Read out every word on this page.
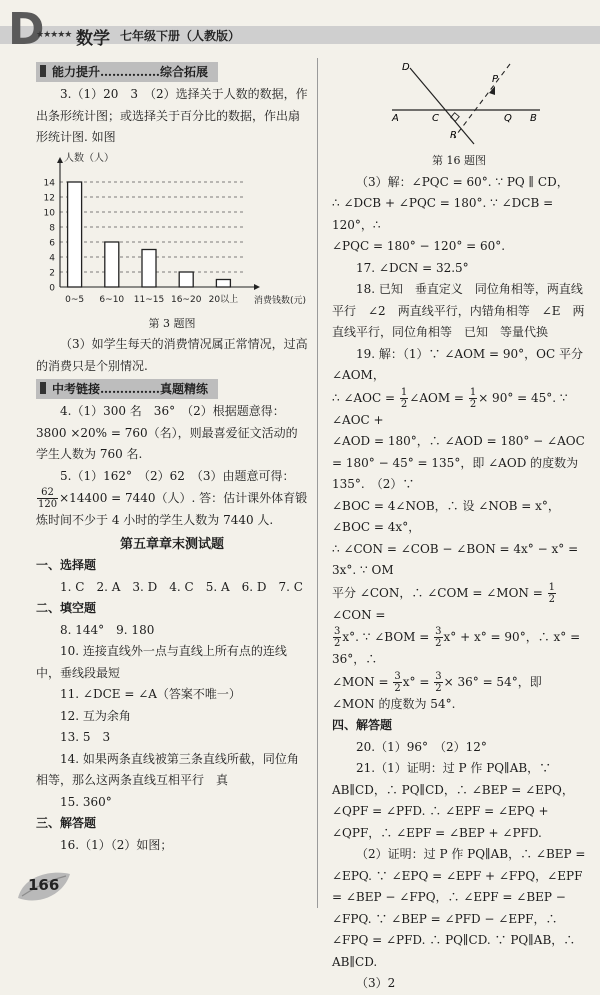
D
★★★★★ 数学 七年级下册（人教版）
能力提升……………综合拓展

3.（1）20　3　（2）选择关于人数的数据，作出条形统计图；或选择关于百分比的数据，作出扇形统计图. 如图

0
2
4
6
8
10
12
14
人数（人）
消费钱数(元)
0~5 6~10 11~15 16~20 20以上

第 3 题图

（3）如学生每天的消费情况属正常情况，过高的消费只是个别情况.

中考链接……………真题精练

4.（1）300 名　36°　（2）根据题意得：3800 ×20% = 760（名），则最喜爱征文活动的学生人数为 760 名.

5.（1）162°　（2）62　（3）由题意可得：

$\frac{62}{120} \times 14400 = 7440$（人）. 答：估计课外体育锻炼时间不少于 4 小时的学生人数为 7440 人.

第五章章末测试题

一、选择题

1. C　2. A　3. D　4. C　5. A　6. D　7. C

二、填空题

8. 144°　9. 180

10. 连接直线外一点与直线上所有点的连线中，垂线段最短

11. ∠DCE = ∠A（答案不唯一）

12. 互为余角

13. 5　3

14. 如果两条直线被第三条直线所截，同位角相等，那么这两条直线互相平行　真

15. 360°

三、解答题

16.（1）（2）如图；

166
D
P
A	C
R
Q B

第 16 题图

（3）解：∠PQC = 60°. ∵ PQ ∥ CD，

∴ ∠DCB + ∠PQC = 180°. ∵ ∠DCB = 120°，∴

∠PQC = 180° − 120° = 60°.

17. ∠DCN = 32.5°

18. 已知　垂直定义　同位角相等，两直线平行　∠2　两直线平行，内错角相等　∠E　两直线平行，同位角相等　已知　等量代换

19. 解：（1）∵ ∠AOM = 90°，OC 平分 ∠AOM，

∴ ∠AOC = $\frac{1}{2}$ ∠AOM = $\frac{1}{2} \times 90^\circ = 45^\circ$. ∵ ∠AOC +

∠AOD = 180°，∴ ∠AOD = 180° − ∠AOC = 180° − 45° = 135°，即 ∠AOD 的度数为 135°.　（2）∵

∠BOC = 4∠NOB，∴ 设 ∠NOB = x°，∠BOC = 4x°，

∴ ∠CON = ∠COB − ∠BON = 4x° − x° = 3x°. ∵ OM

平分 ∠CON，∴ ∠COM = ∠MON = $\frac{1}{2}$
∠CON =

$\frac{3}{2} x^\circ$. ∵ ∠BOM = $\frac{3}{2} x^\circ + x^\circ = 90^\circ$，∴ x° = 36°，∴

∠MON = $\frac{3}{2} x^\circ = \frac{3}{2} \times 36^\circ = 54^\circ$，即 ∠MON 的度数为 54°.

四、解答题

20.（1）96°　（2）12°

21.（1）证明：过 P 作 PQ∥AB，∵ AB∥CD，∴ PQ∥CD，∴ ∠BEP = ∠EPQ，∠QPF = ∠PFD. ∴ ∠EPF = ∠EPQ + ∠QPF，∴ ∠EPF = ∠BEP + ∠PFD.

（2）证明：过 P 作 PQ∥AB，∴ ∠BEP = ∠EPQ. ∵ ∠EPQ = ∠EPF + ∠FPQ，∠EPF = ∠BEP − ∠FPQ，∴ ∠EPF = ∠BEP − ∠FPQ. ∵ ∠BEP = ∠PFD − ∠EPF，∴ ∠FPQ = ∠PFD. ∴ PQ∥CD. ∵ PQ∥AB，∴ AB∥CD.

（3）2
